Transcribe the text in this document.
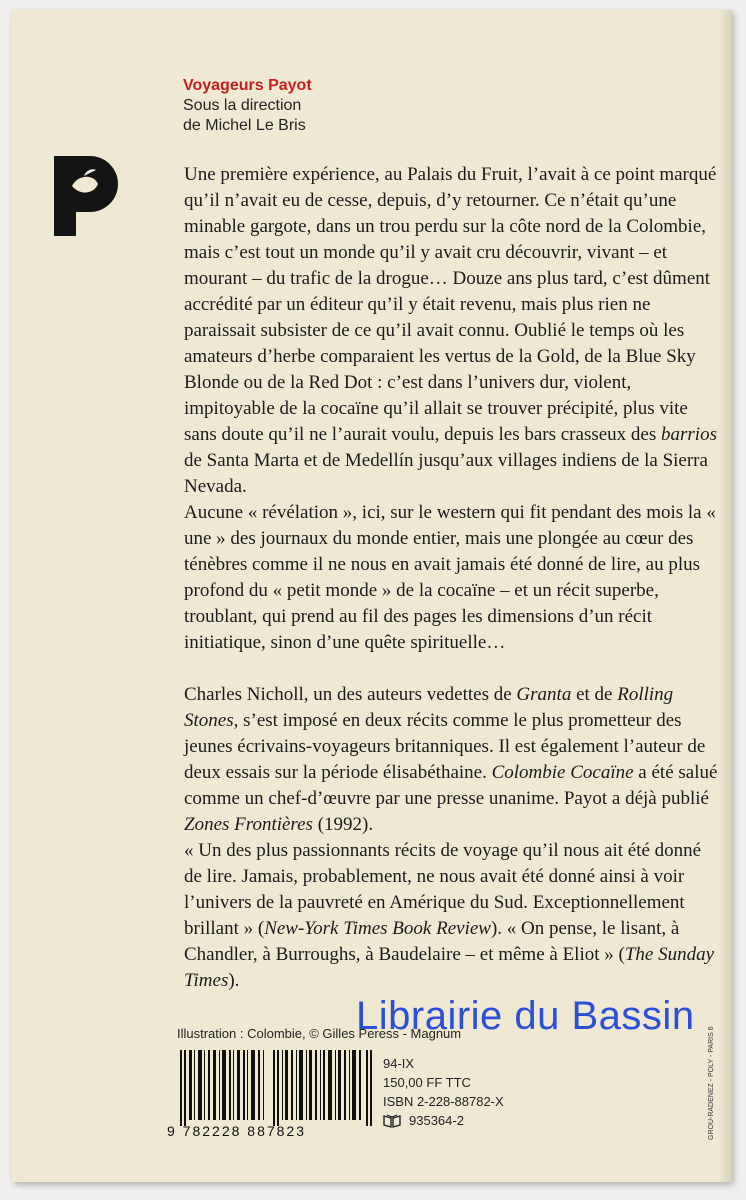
Voyageurs Payot
Sous la direction
de Michel Le Bris

Une première expérience, au Palais du Fruit, l’avait à ce point marqué qu’il n’avait eu de cesse, depuis, d’y retourner. Ce n’était qu’une minable gargote, dans un trou perdu sur la côte nord de la Colombie, mais c’est tout un monde qu’il y avait cru découvrir, vivant – et mourant – du trafic de la drogue… Douze ans plus tard, c’est dûment accrédité par un éditeur qu’il y était revenu, mais plus rien ne paraissait subsister de ce qu’il avait connu. Oublié le temps où les amateurs d’herbe comparaient les vertus de la Gold, de la Blue Sky Blonde ou de la Red Dot : c’est dans l’univers dur, violent, impitoyable de la cocaïne qu’il allait se trouver précipité, plus vite sans doute qu’il ne l’aurait voulu, depuis les bars crasseux des barrios de Santa Marta et de Medellín jusqu’aux villages indiens de la Sierra Nevada.

Aucune « révélation », ici, sur le western qui fit pendant des mois la « une » des journaux du monde entier, mais une plongée au cœur des ténèbres comme il ne nous en avait jamais été donné de lire, au plus profond du « petit monde » de la cocaïne – et un récit superbe, troublant, qui prend au fil des pages les dimensions d’un récit initiatique, sinon d’une quête spirituelle…

Charles Nicholl, un des auteurs vedettes de Granta et de Rolling Stones, s’est imposé en deux récits comme le plus prometteur des jeunes écrivains-voyageurs britanniques. Il est également l’auteur de deux essais sur la période élisabéthaine. Colombie Cocaïne a été salué comme un chef-d’œuvre par une presse unanime. Payot a déjà publié Zones Frontières (1992).

« Un des plus passionnants récits de voyage qu’il nous ait été donné de lire. Jamais, probablement, ne nous avait été donné ainsi à voir l’univers de la pauvreté en Amérique du Sud. Exceptionnellement brillant » (New-York Times Book Review). « On pense, le lisant, à Chandler, à Burroughs, à Baudelaire – et même à Eliot » (The Sunday Times).

Illustration : Colombie, © Gilles Peress - Magnum
9 782228 887823
94-IX
150,00 FF TTC
ISBN 2-228-88782-X
935364-2	GROU-RADENEZ - POLY - PARIS 6
Librairie du Bassin
